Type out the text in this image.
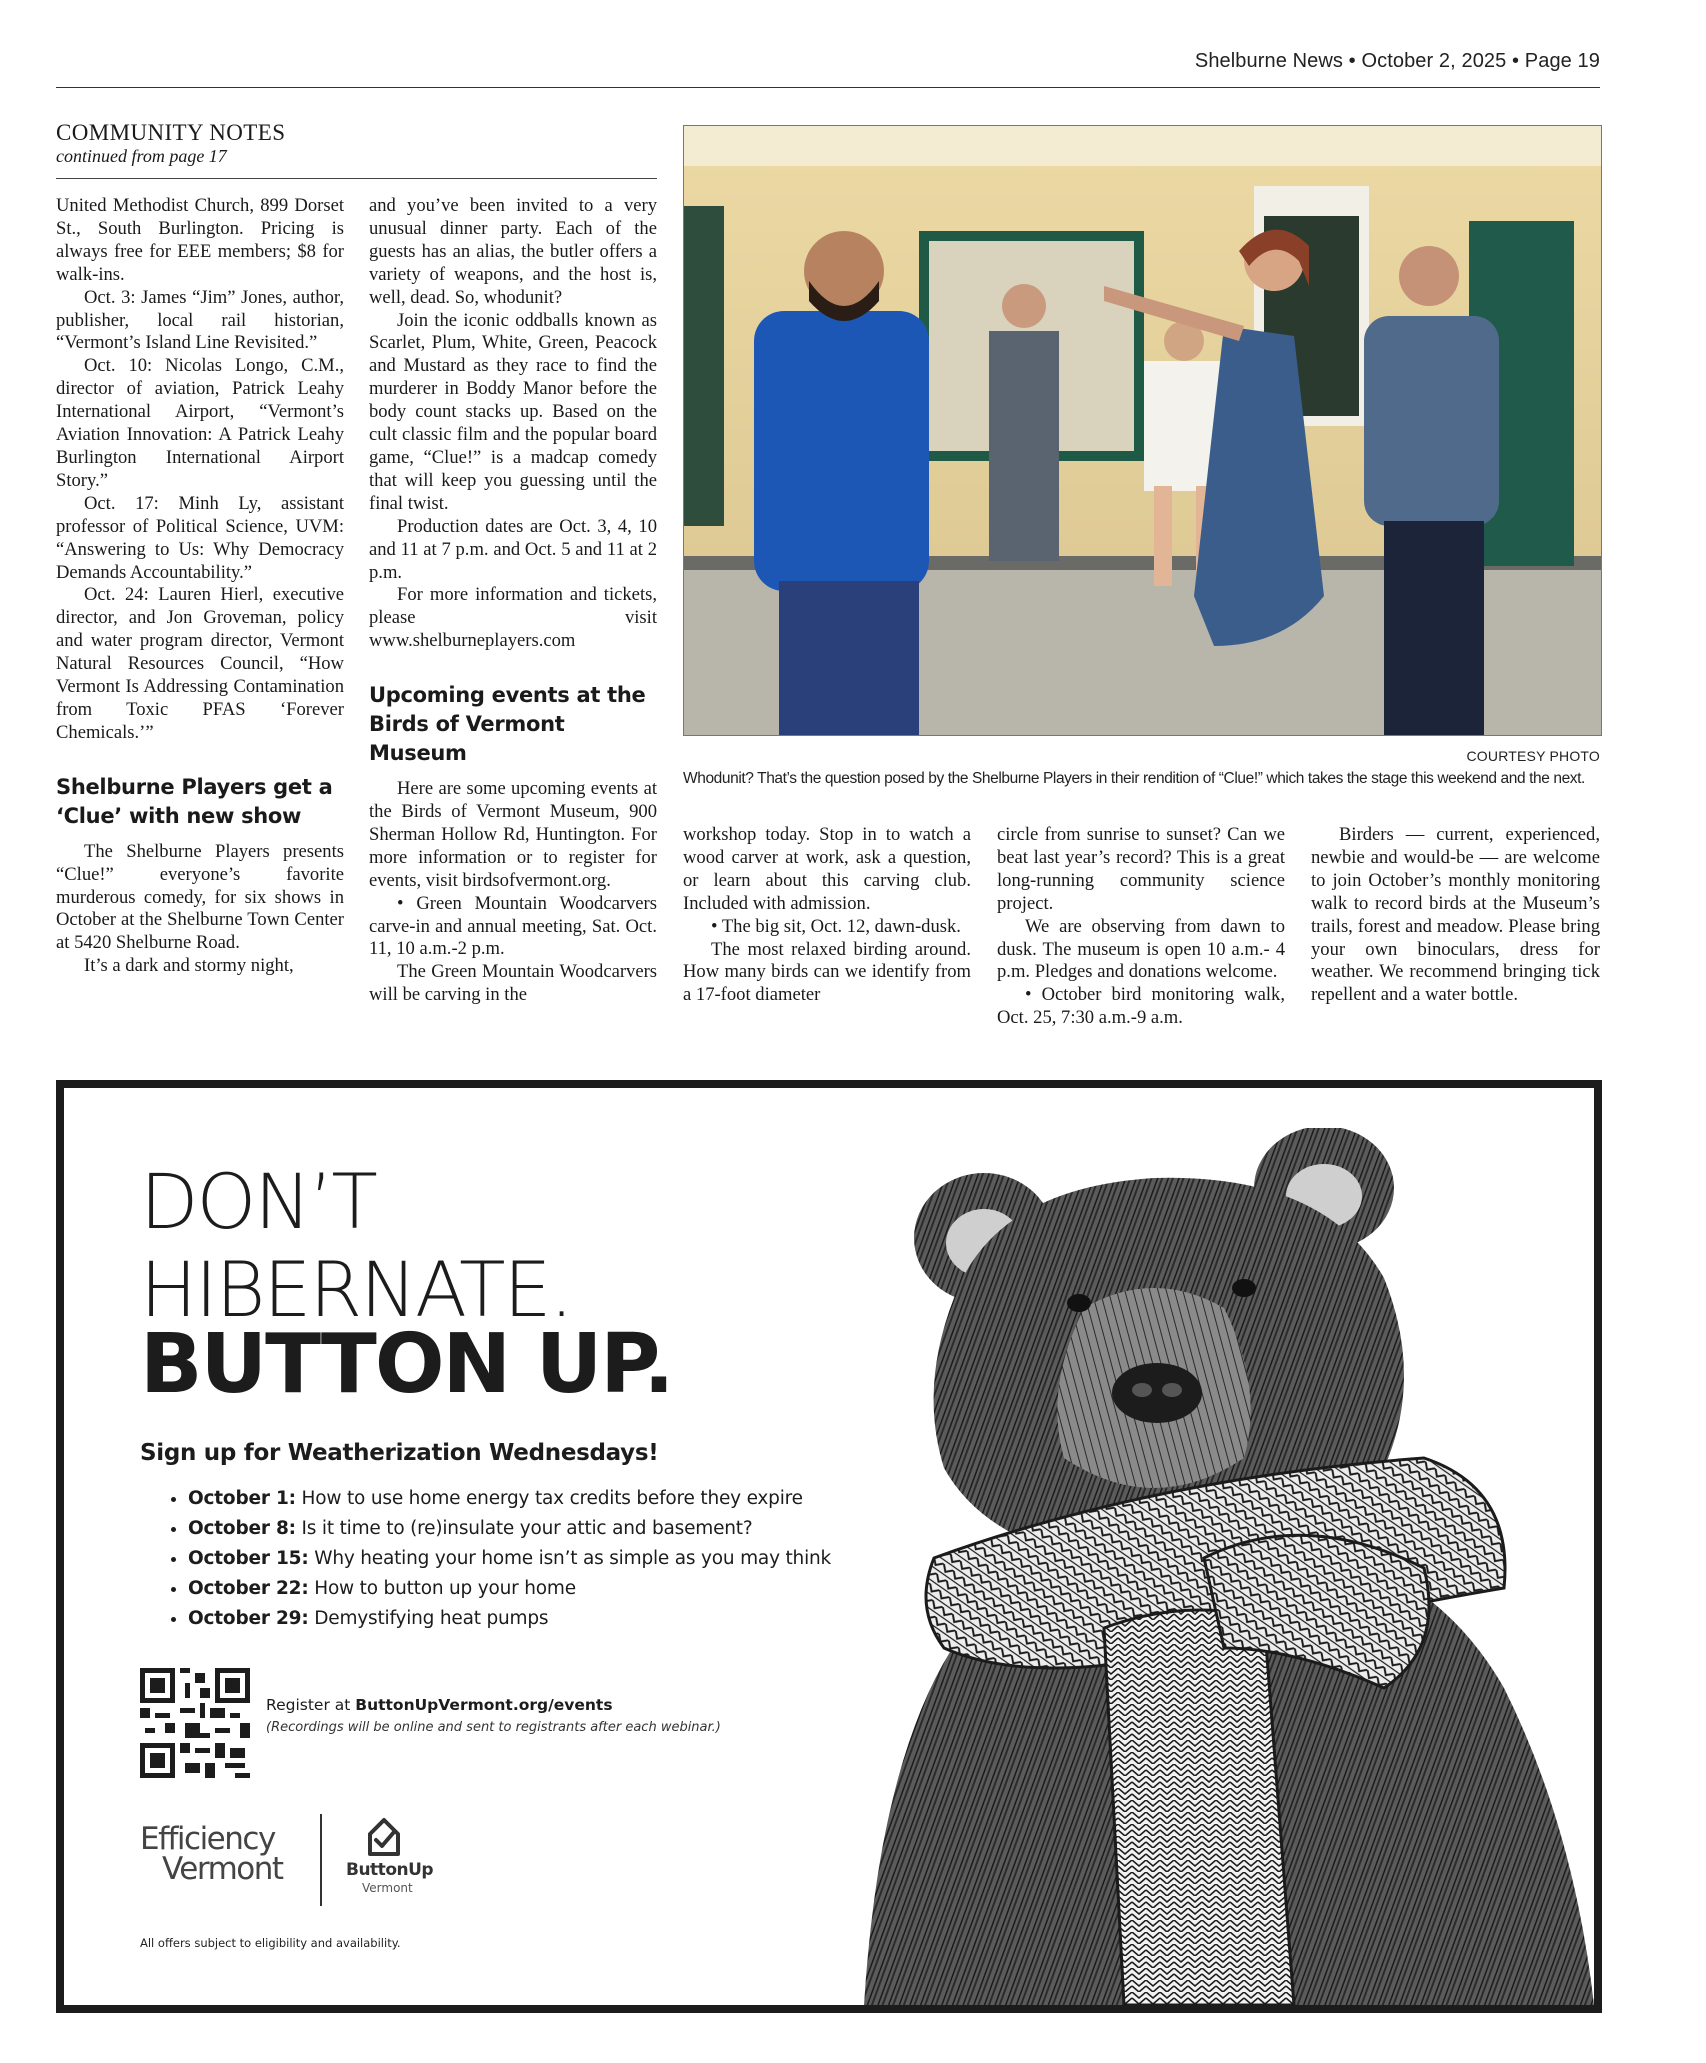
Shelburne News • October 2, 2025 • Page 19
COMMUNITY NOTES
continued from page 17

United Methodist Church, 899 Dorset St., South Burlington. Pricing is always free for EEE members; $8 for walk-ins.

Oct. 3: James “Jim” Jones, author, publisher, local rail historian, “Vermont’s Island Line Revisited.”

Oct. 10: Nicolas Longo, C.M., director of aviation, Patrick Leahy International Airport, “Vermont’s Aviation Innovation: A Patrick Leahy Burlington International Airport Story.”

Oct. 17: Minh Ly, assistant professor of Political Science, UVM: “Answering to Us: Why Democracy Demands Accountability.”

Oct. 24: Lauren Hierl, executive director, and Jon Groveman, policy and water program director, Vermont Natural Resources Council, “How Vermont Is Addressing Contamination from Toxic PFAS ‘Forever Chemicals.’”

Shelburne Players get a ‘Clue’ with new show

The Shelburne Players presents “Clue!” everyone’s favorite murderous comedy, for six shows in October at the Shelburne Town Center at 5420 Shelburne Road.

It’s a dark and stormy night,

and you’ve been invited to a very unusual dinner party. Each of the guests has an alias, the butler offers a variety of weapons, and the host is, well, dead. So, whodunit?

Join the iconic oddballs known as Scarlet, Plum, White, Green, Peacock and Mustard as they race to find the murderer in Boddy Manor before the body count stacks up. Based on the cult classic film and the popular board game, “Clue!” is a madcap comedy that will keep you guessing until the final twist.

Production dates are Oct. 3, 4, 10 and 11 at 7 p.m. and Oct. 5 and 11 at 2 p.m.

For more information and tickets, please visit www.shelburneplayers.com

Upcoming events at the Birds of Vermont Museum

Here are some upcoming events at the Birds of Vermont Museum, 900 Sherman Hollow Rd, Huntington. For more information or to register for events, visit birdsofvermont.org.

• Green Mountain Woodcarvers carve-in and annual meeting, Sat. Oct. 11, 10 a.m.-2 p.m.

The Green Mountain Woodcarvers will be carving in the

COURTESY PHOTO
Whodunit? That’s the question posed by the Shelburne Players in their rendition of “Clue!” which takes the stage this weekend and the next.

workshop today. Stop in to watch a wood carver at work, ask a question, or learn about this carving club. Included with admission.

• The big sit, Oct. 12, dawn-dusk.

The most relaxed birding around. How many birds can we identify from a 17-foot diameter

circle from sunrise to sunset? Can we beat last year’s record? This is a great long-running community science project.

We are observing from dawn to dusk. The museum is open 10 a.m.- 4 p.m. Pledges and donations welcome.

• October bird monitoring walk, Oct. 25, 7:30 a.m.-9 a.m.

Birders — current, experienced, newbie and would-be — are welcome to join October’s monthly monitoring walk to record birds at the Museum’s trails, forest and meadow. Please bring your own binoculars, dress for weather. We recommend bringing tick repellent and a water bottle.

DON’T
HIBERNATE.
BUTTON UP.
Sign up for Weatherization Wednesdays!
• October 1: How to use home energy tax credits before they expire
• October 8: Is it time to (re)insulate your attic and basement?
• October 15: Why heating your home isn’t as simple as you may think
• October 22: How to button up your home
• October 29: Demystifying heat pumps
Register at ButtonUpVermont.org/events
(Recordings will be online and sent to registrants after each webinar.)
Efficiency
Vermont	ButtonUp
Vermont
All offers subject to eligibility and availability.
